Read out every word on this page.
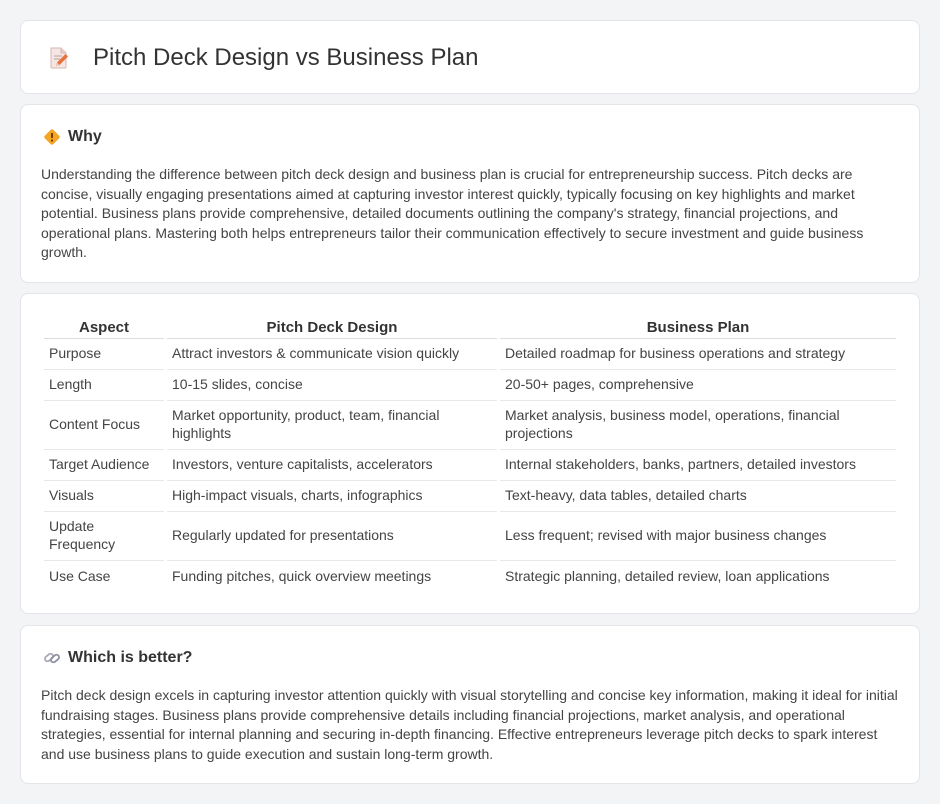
Pitch Deck Design vs Business Plan
Why

Understanding the difference between pitch deck design and business plan is crucial for entrepreneurship success. Pitch decks are concise, visually engaging presentations aimed at capturing investor interest quickly, typically focusing on key highlights and market potential. Business plans provide comprehensive, detailed documents outlining the company's strategy, financial projections, and operational plans. Mastering both helps entrepreneurs tailor their communication effectively to secure investment and guide business growth.

Aspect	Pitch Deck Design	Business Plan
Purpose	Attract investors & communicate vision quickly	Detailed roadmap for business operations and strategy
Length	10-15 slides, concise	20-50+ pages, comprehensive
Content Focus	Market opportunity, product, team, financial highlights	Market analysis, business model, operations, financial projections
Target Audience	Investors, venture capitalists, accelerators	Internal stakeholders, banks, partners, detailed investors
Visuals	High-impact visuals, charts, infographics	Text-heavy, data tables, detailed charts
Update Frequency	Regularly updated for presentations	Less frequent; revised with major business changes
Use Case	Funding pitches, quick overview meetings	Strategic planning, detailed review, loan applications
Which is better?

Pitch deck design excels in capturing investor attention quickly with visual storytelling and concise key information, making it ideal for initial fundraising stages. Business plans provide comprehensive details including financial projections, market analysis, and operational strategies, essential for internal planning and securing in-depth financing. Effective entrepreneurs leverage pitch decks to spark interest and use business plans to guide execution and sustain long-term growth.
